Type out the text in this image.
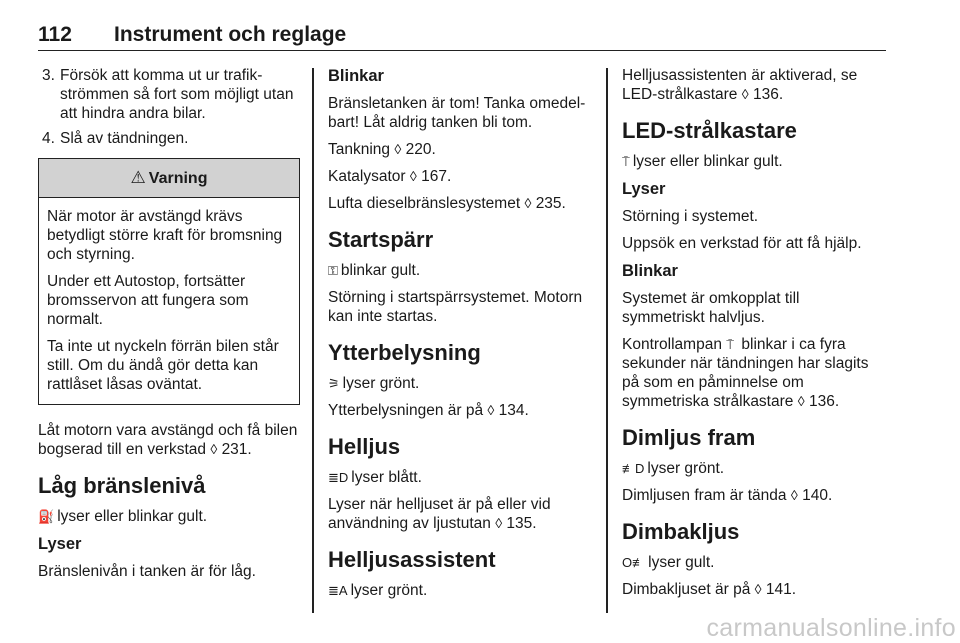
112 Instrument och reglage
3. Försök att komma ut ur trafik-strömmen så fort som möjligt utan att hindra andra bilar.
4. Slå av tändningen.
⚠ Varning

När motor är avstängd krävs betydligt större kraft för bromsning och styrning.

Under ett Autostop, fortsätter bromsservon att fungera som normalt.

Ta inte ut nyckeln förrän bilen står still. Om du ändå gör detta kan rattlåset låsas oväntat.

Låt motorn vara avstängd och få bilen bogserad till en verkstad ◊ 231.

Låg bränslenivå

⛽ lyser eller blinkar gult.

Lyser

Bränslenivån i tanken är för låg.

Blinkar

Bränsletanken är tom! Tanka omedel-bart! Låt aldrig tanken bli tom.

Tankning ◊ 220.

Katalysator ◊ 167.

Lufta dieselbränslesystemet ◊ 235.

Startspärr

⚿ blinkar gult.

Störning i startspärrsystemet. Motorn kan inte startas.

Ytterbelysning

⚞ lyser grönt.

Ytterbelysningen är på ◊ 134.

Helljus

≣D lyser blått.

Lyser när helljuset är på eller vid användning av ljustutan ◊ 135.

Helljusassistent

≣A lyser grönt.

Helljusassistenten är aktiverad, se LED-strålkastare ◊ 136.

LED-strålkastare

⍑ lyser eller blinkar gult.

Lyser

Störning i systemet.

Uppsök en verkstad för att få hjälp.

Blinkar

Systemet är omkopplat till symmetriskt halvljus.

Kontrollampan ⍑ blinkar i ca fyra sekunder när tändningen har slagits på som en påminnelse om symmetriska strålkastare ◊ 136.

Dimljus fram

≢D lyser grönt.

Dimljusen fram är tända ◊ 140.

Dimbakljus

O≢ lyser gult.

Dimbakljuset är på ◊ 141.

carmanualsonline.info
